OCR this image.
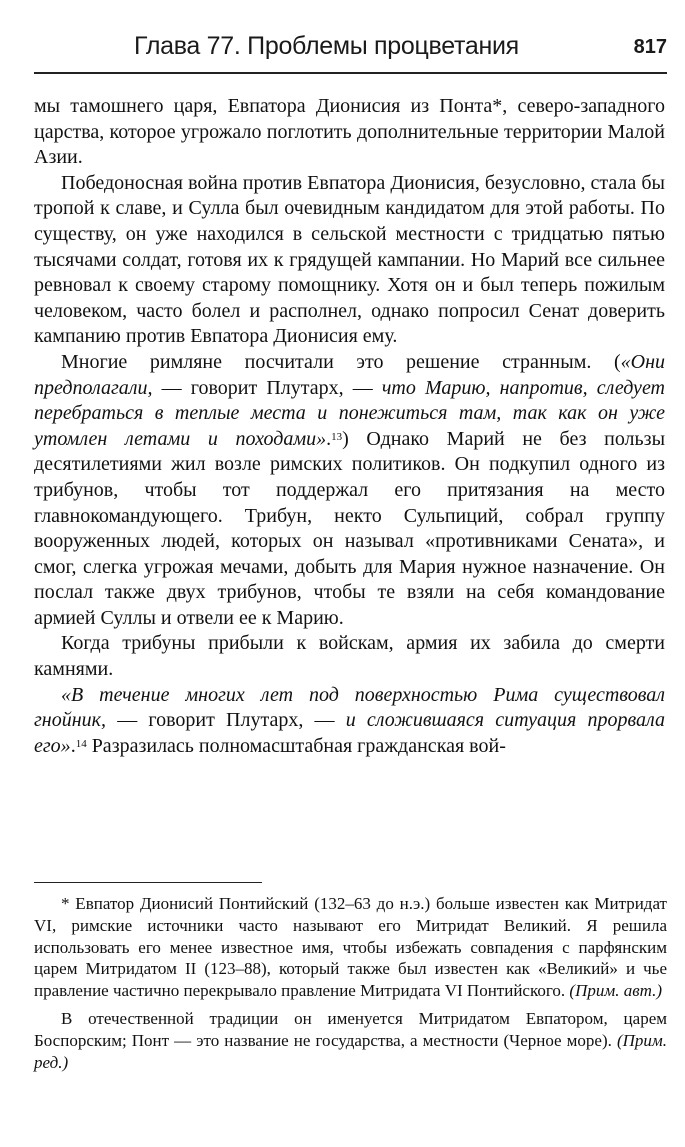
Глава 77. Проблемы процветания	817

мы тамошнего царя, Евпатора Дионисия из Понта*, северо-западного царства, которое угрожало поглотить дополнительные территории Малой Азии.

Победоносная война против Евпатора Дионисия, безусловно, стала бы тропой к славе, и Сулла был очевидным кандидатом для этой работы. По существу, он уже находился в сельской местности с тридцатью пятью тысячами солдат, готовя их к грядущей кампании. Но Марий все сильнее ревновал к своему старому помощнику. Хотя он и был теперь пожилым человеком, часто болел и располнел, однако попросил Сенат доверить кампанию против Евпатора Дионисия ему.

Многие римляне посчитали это решение странным. («Они предполагали, — говорит Плутарх, — что Марию, напротив, следует перебраться в теплые места и понежиться там, так как он уже утомлен летами и походами».$^{13}$) Однако Марий не без пользы десятилетиями жил возле римских политиков. Он подкупил одного из трибунов, чтобы тот поддержал его притязания на место главнокомандующего. Трибун, некто Сульпиций, собрал группу вооруженных людей, которых он называл «противниками Сената», и смог, слегка угрожая мечами, добыть для Мария нужное назначение. Он послал также двух трибунов, чтобы те взяли на себя командование армией Суллы и отвели ее к Марию.

Когда трибуны прибыли к войскам, армия их забила до смерти камнями.

«В течение многих лет под поверхностью Рима существовал гнойник, — говорит Плутарх, — и сложившаяся ситуация прорвала его».$^{14}$ Разразилась полномасштабная гражданская вой-

* Евпатор Дионисий Понтийский (132–63 до н.э.) больше известен как Митридат VI, римские источники часто называют его Митридат Великий. Я решила использовать его менее известное имя, чтобы избежать совпадения с парфянским царем Митридатом II (123–88), который также был известен как «Великий» и чье правление частично перекрывало правление Митридата VI Понтийского. (Прим. авт.)

В отечественной традиции он именуется Митридатом Евпатором, царем Боспорским; Понт — это название не государства, а местности (Черное море). (Прим. ред.)
